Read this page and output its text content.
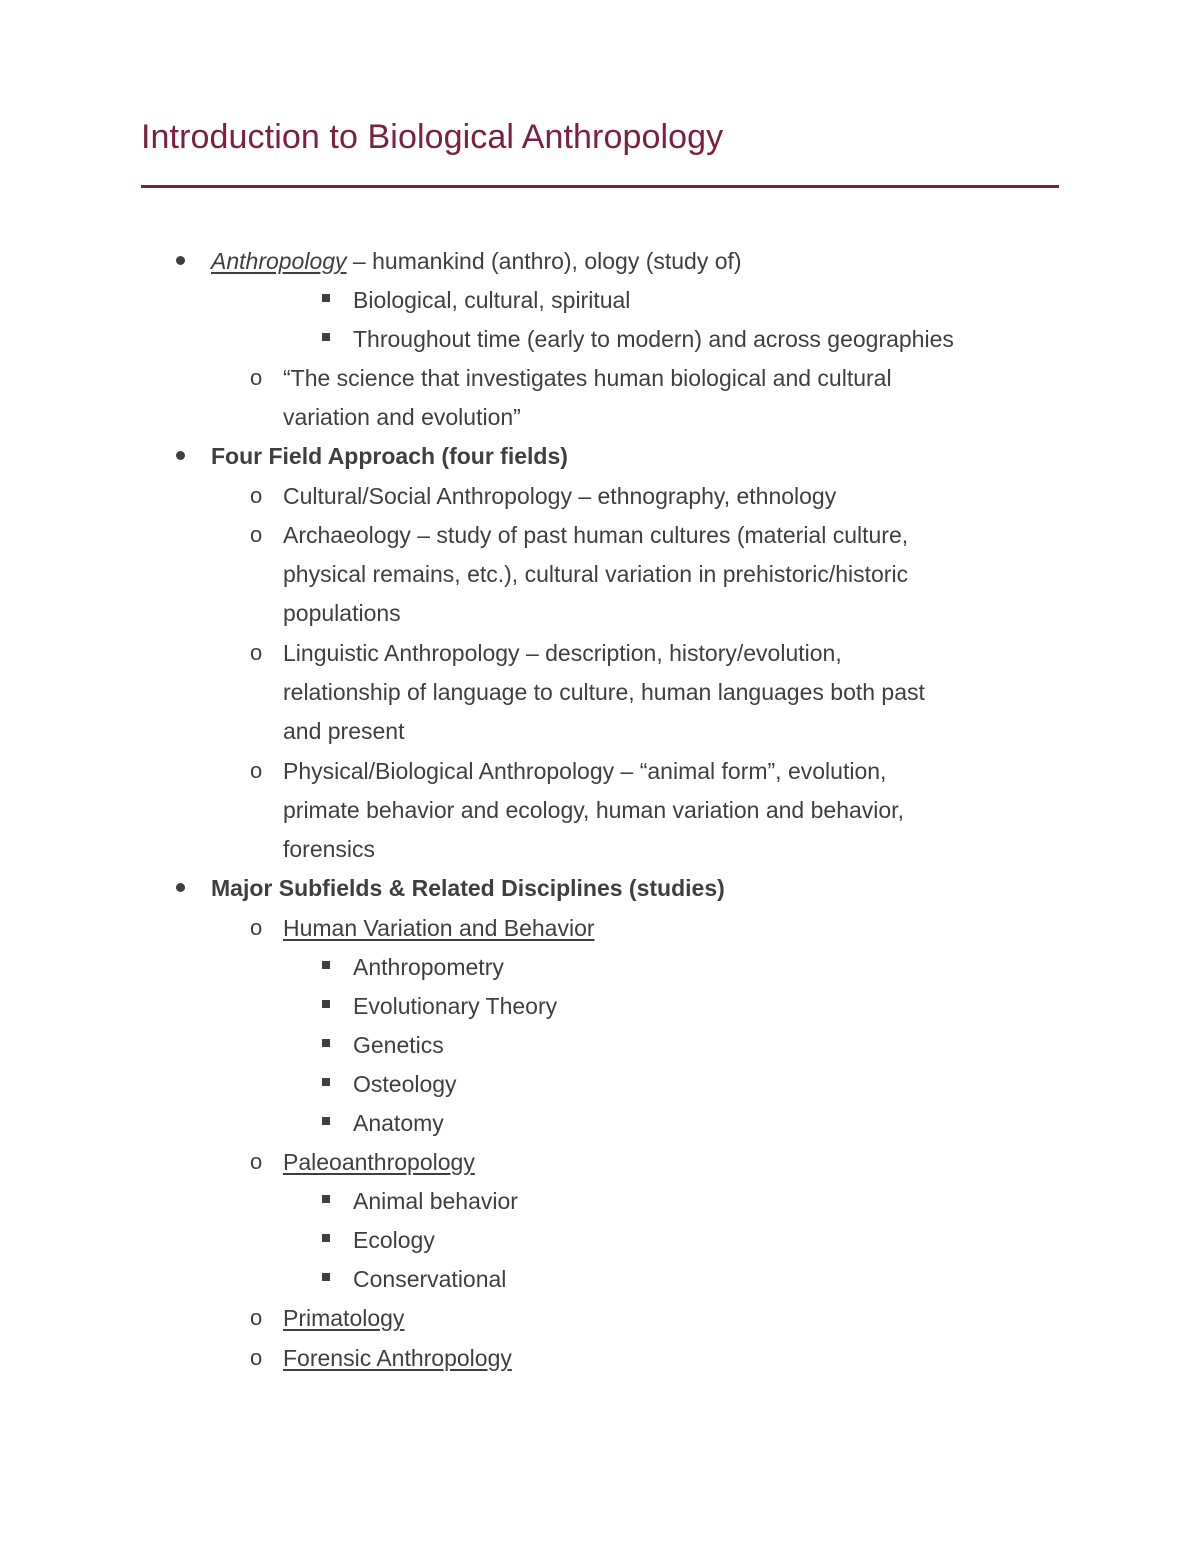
Introduction to Biological Anthropology
Anthropology – humankind (anthro), ology (study of)
Biological, cultural, spiritual
Throughout time (early to modern) and across geographies
o “The science that investigates human biological and cultural
variation and evolution”
Four Field Approach (four fields)
o Cultural/Social Anthropology – ethnography, ethnology
o Archaeology – study of past human cultures (material culture,
physical remains, etc.), cultural variation in prehistoric/historic
populations
o Linguistic Anthropology – description, history/evolution,
relationship of language to culture, human languages both past
and present
o Physical/Biological Anthropology – “animal form”, evolution,
primate behavior and ecology, human variation and behavior,
forensics
Major Subfields & Related Disciplines (studies)
o Human Variation and Behavior
Anthropometry
Evolutionary Theory
Genetics
Osteology
Anatomy
o Paleoanthropology
Animal behavior
Ecology
Conservational
o Primatology
o Forensic Anthropology
